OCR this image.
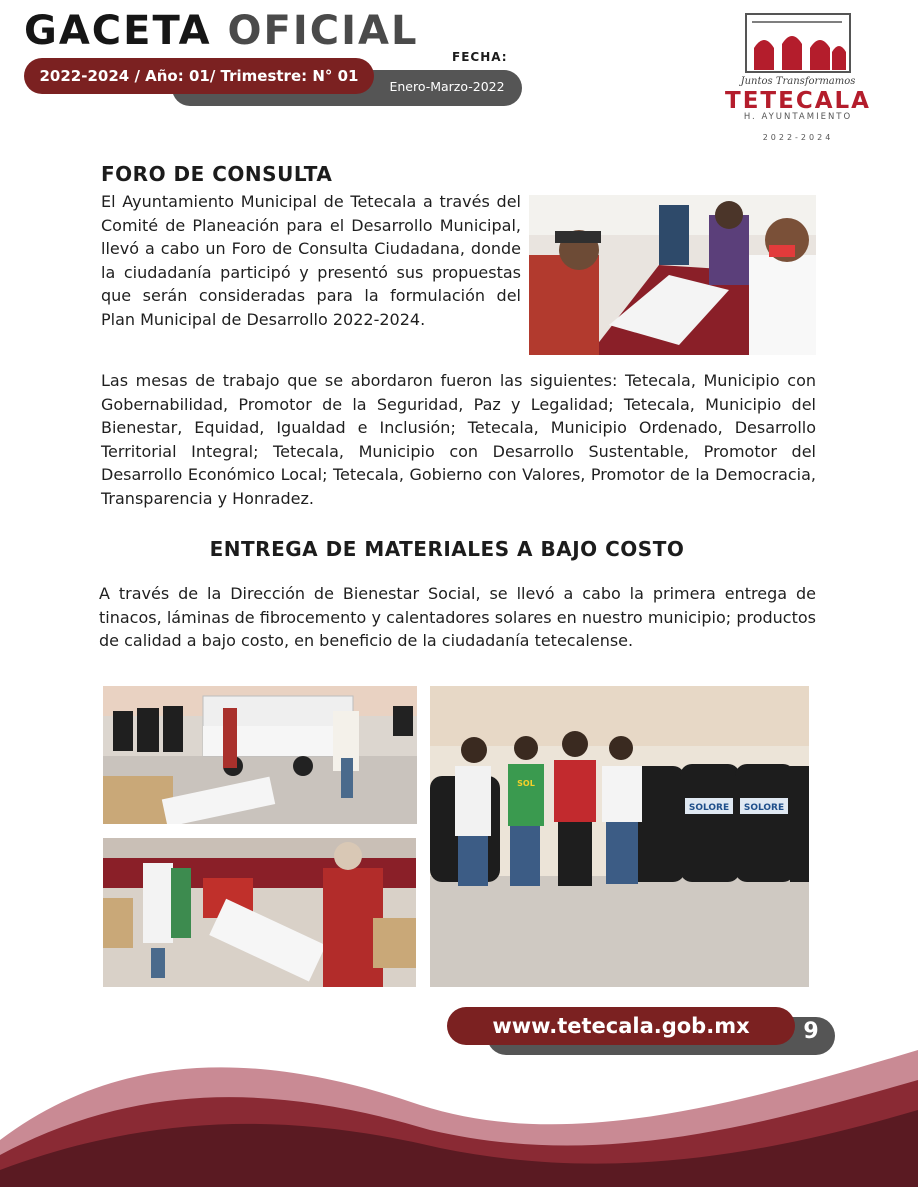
GACETA OFICIAL
FECHA:
Enero-Marzo-2022
2022-2024 / Año: 01/ Trimestre: N° 01	Juntos Transformamos
TETECALA
H. AYUNTAMIENTO
2022-2024
FORO DE CONSULTA

El Ayuntamiento Municipal de Tetecala a través del Comité de Planeación para el Desarrollo Municipal, llevó a cabo un Foro de Consulta Ciudadana, donde la ciudadanía participó y presentó sus propuestas que serán consideradas para la formulación del Plan Municipal de Desarrollo 2022-2024.

Las mesas de trabajo que se abordaron fueron las siguientes: Tetecala, Municipio con Gobernabilidad, Promotor de la Seguridad, Paz y Legalidad; Tetecala, Municipio del Bienestar, Equidad, Igualdad e Inclusión; Tetecala, Municipio Ordenado, Desarrollo Territorial Integral; Tetecala, Municipio con Desarrollo Sustentable, Promotor del Desarrollo Económico Local; Tetecala, Gobierno con Valores, Promotor de la Democracia, Transparencia y Honradez.

ENTREGA DE MATERIALES A BAJO COSTO

A través de la Dirección de Bienestar Social, se llevó a cabo la primera entrega de tinacos, láminas de fibrocemento y calentadores solares en nuestro municipio; productos de calidad a bajo costo, en beneficio de la ciudadanía tetecalense.

SOLORE SOLORE
SOL
www.tetecala.gob.mx	9
